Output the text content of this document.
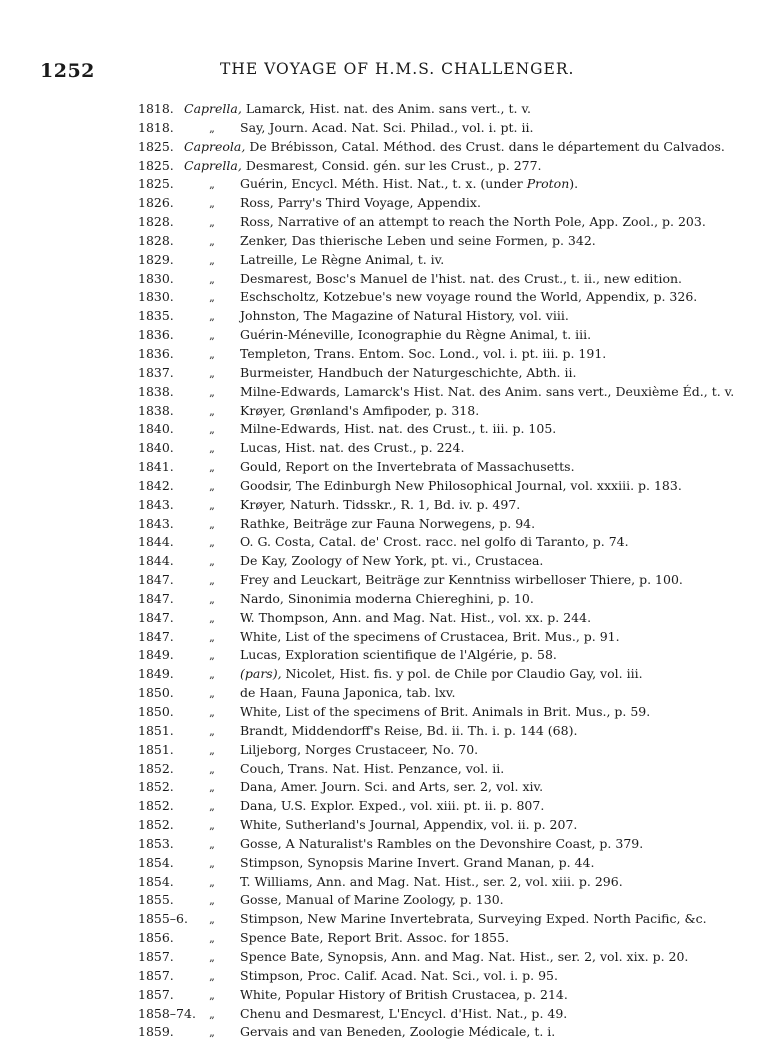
1252	THE VOYAGE OF H.M.S. CHALLENGER.
1818. Caprella, Lamarck, Hist. nat. des Anim. sans vert., t. v.
1818.	„	Say, Journ. Acad. Nat. Sci. Philad., vol. i. pt. ii.
1825. Capreola, De Brébisson, Catal. Méthod. des Crust. dans le département du Calvados.
1825. Caprella, Desmarest, Consid. gén. sur les Crust., p. 277.
1825.	„	Guérin, Encycl. Méth. Hist. Nat., t. x. (under Proton).
1826.	„	Ross, Parry's Third Voyage, Appendix.
1828.	„	Ross, Narrative of an attempt to reach the North Pole, App. Zool., p. 203.
1828.	„	Zenker, Das thierische Leben und seine Formen, p. 342.
1829.	„	Latreille, Le Règne Animal, t. iv.
1830.	„	Desmarest, Bosc's Manuel de l'hist. nat. des Crust., t. ii., new edition.
1830.	„	Eschscholtz, Kotzebue's new voyage round the World, Appendix, p. 326.
1835.	„	Johnston, The Magazine of Natural History, vol. viii.
1836.	„	Guérin-Méneville, Iconographie du Règne Animal, t. iii.
1836.	„	Templeton, Trans. Entom. Soc. Lond., vol. i. pt. iii. p. 191.
1837.	„	Burmeister, Handbuch der Naturgeschichte, Abth. ii.
1838.	„	Milne-Edwards, Lamarck's Hist. Nat. des Anim. sans vert., Deuxième Éd., t. v.
1838.	„	Krøyer, Grønland's Amfipoder, p. 318.
1840.	„	Milne-Edwards, Hist. nat. des Crust., t. iii. p. 105.
1840.	„	Lucas, Hist. nat. des Crust., p. 224.
1841.	„	Gould, Report on the Invertebrata of Massachusetts.
1842.	„	Goodsir, The Edinburgh New Philosophical Journal, vol. xxxiii. p. 183.
1843.	„	Krøyer, Naturh. Tidsskr., R. 1, Bd. iv. p. 497.
1843.	„	Rathke, Beiträge zur Fauna Norwegens, p. 94.
1844.	„	O. G. Costa, Catal. de' Crost. racc. nel golfo di Taranto, p. 74.
1844.	„	De Kay, Zoology of New York, pt. vi., Crustacea.
1847.	„	Frey and Leuckart, Beiträge zur Kenntniss wirbelloser Thiere, p. 100.
1847.	„	Nardo, Sinonimia moderna Chiereghini, p. 10.
1847.	„	W. Thompson, Ann. and Mag. Nat. Hist., vol. xx. p. 244.
1847.	„	White, List of the specimens of Crustacea, Brit. Mus., p. 91.
1849.	„	Lucas, Exploration scientifique de l'Algérie, p. 58.
1849.	„	(pars), Nicolet, Hist. fis. y pol. de Chile por Claudio Gay, vol. iii.
1850.	„	de Haan, Fauna Japonica, tab. lxv.
1850.	„	White, List of the specimens of Brit. Animals in Brit. Mus., p. 59.
1851.	„	Brandt, Middendorff's Reise, Bd. ii. Th. i. p. 144 (68).
1851.	„	Liljeborg, Norges Crustaceer, No. 70.
1852.	„	Couch, Trans. Nat. Hist. Penzance, vol. ii.
1852.	„	Dana, Amer. Journ. Sci. and Arts, ser. 2, vol. xiv.
1852.	„	Dana, U.S. Explor. Exped., vol. xiii. pt. ii. p. 807.
1852.	„	White, Sutherland's Journal, Appendix, vol. ii. p. 207.
1853.	„	Gosse, A Naturalist's Rambles on the Devonshire Coast, p. 379.
1854.	„	Stimpson, Synopsis Marine Invert. Grand Manan, p. 44.
1854.	„	T. Williams, Ann. and Mag. Nat. Hist., ser. 2, vol. xiii. p. 296.
1855.	„	Gosse, Manual of Marine Zoology, p. 130.
1855–6.	„	Stimpson, New Marine Invertebrata, Surveying Exped. North Pacific, &c.
1856.	„	Spence Bate, Report Brit. Assoc. for 1855.
1857.	„	Spence Bate, Synopsis, Ann. and Mag. Nat. Hist., ser. 2, vol. xix. p. 20.
1857.	„	Stimpson, Proc. Calif. Acad. Nat. Sci., vol. i. p. 95.
1857.	„	White, Popular History of British Crustacea, p. 214.
1858–74.	„	Chenu and Desmarest, L'Encycl. d'Hist. Nat., p. 49.
1859.	„	Gervais and van Beneden, Zoologie Médicale, t. i.
